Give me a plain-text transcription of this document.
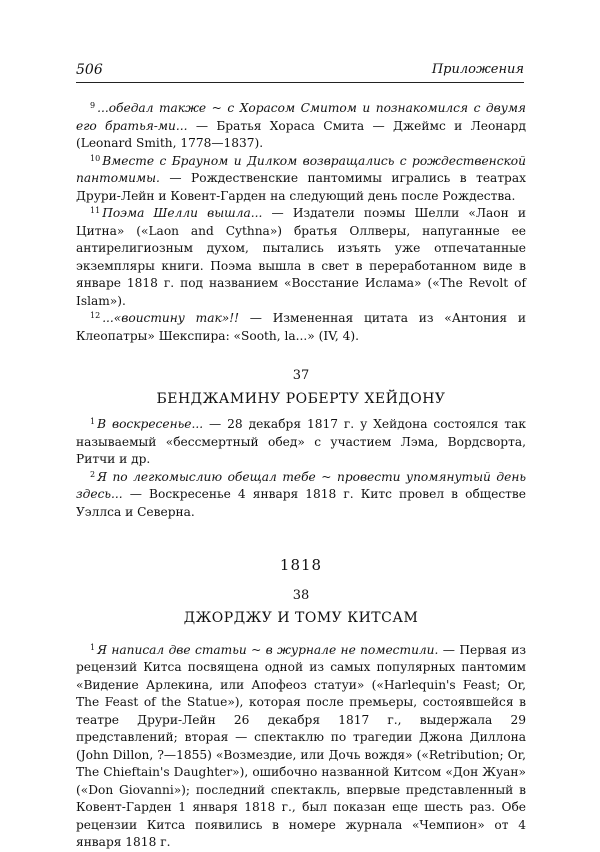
506	Приложения

$^9$ ...обедал также ~ с Хорасом Смитом и познакомился с двумя его братья-ми... — Братья Хораса Смита — Джеймс и Леонард (Leonard Smith, 1778—1837).

$^{10}$ Вместе с Брауном и Дилком возвращались с рождественской пантомимы. — Рождественские пантомимы игрались в театрах Друри-Лейн и Ковент-Гарден на следующий день после Рождества.

$^{11}$ Поэма Шелли вышла... — Издатели поэмы Шелли «Лаон и Цитна» («Laon and Cythna») братья Оллверы, напуганные ее антирелигиозным духом, пытались изъять уже отпечатанные экземпляры книги. Поэма вышла в свет в переработанном виде в январе 1818 г. под названием «Восстание Ислама» («The Revolt of Islam»).

$^{12}$ ...«воистину так»!! — Измененная цитата из «Антония и Клеопатры» Шекспира: «Sooth, la...» (IV, 4).

37

БЕНДЖАМИНУ РОБЕРТУ ХЕЙДОНУ

$^1$ В воскресенье... — 28 декабря 1817 г. у Хейдона состоялся так называемый «бессмертный обед» с участием Лэма, Вордсворта, Ритчи и др.

$^2$ Я по легкомыслию обещал тебе ~ провести упомянутый день здесь... — Воскресенье 4 января 1818 г. Китс провел в обществе Уэллса и Северна.

1818

38

ДЖОРДЖУ И ТОМУ КИТСАМ

$^1$ Я написал две статьи ~ в журнале не поместили. — Первая из рецензий Китса посвящена одной из самых популярных пантомим «Видение Арлекина, или Апофеоз статуи» («Harlequin's Feast; Or, The Feast of the Statue»), которая после премьеры, состоявшейся в театре Друри-Лейн 26 декабря 1817 г., выдержала 29 представлений; вторая — спектаклю по трагедии Джона Диллона (John Dillon, ?—1855) «Возмездие, или Дочь вождя» («Retribution; Or, The Chieftain's Daughter»), ошибочно названной Китсом «Дон Жуан» («Don Giovanni»); последний спектакль, впервые представленный в Ковент-Гарден 1 января 1818 г., был показан еще шесть раз. Обе рецензии Китса появились в номере журнала «Чемпион» от 4 января 1818 г.
